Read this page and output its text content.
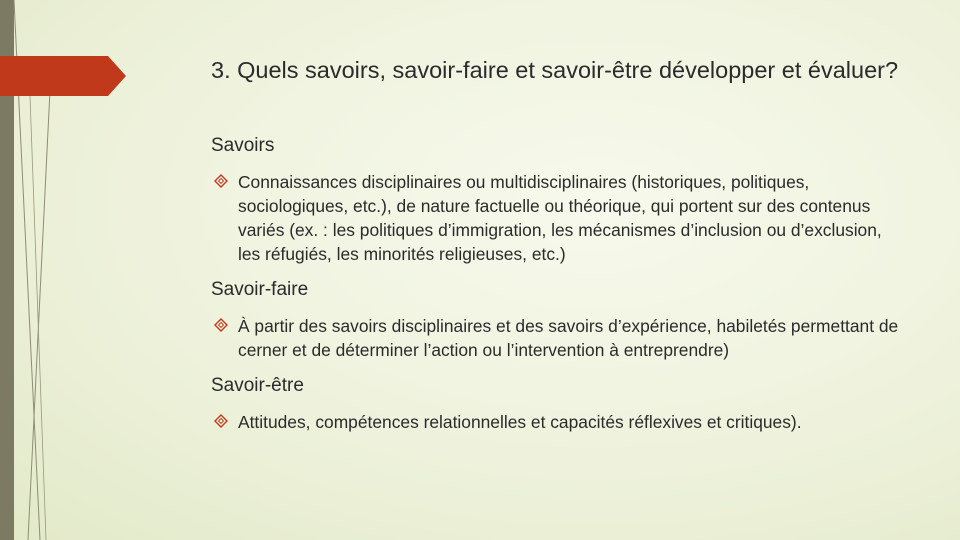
3. Quels savoirs, savoir-faire et savoir-être développer et évaluer?

Savoirs

Connaissances disciplinaires ou multidisciplinaires (historiques, politiques, sociologiques, etc.), de nature factuelle ou théorique, qui portent sur des contenus variés (ex. : les politiques d’immigration, les mécanismes d’inclusion ou d’exclusion, les réfugiés, les minorités religieuses, etc.)

Savoir-faire

À partir des savoirs disciplinaires et des savoirs d’expérience, habiletés permettant de cerner et de déterminer l’action ou l’intervention à entreprendre)

Savoir-être

Attitudes, compétences relationnelles et capacités réflexives et critiques).
